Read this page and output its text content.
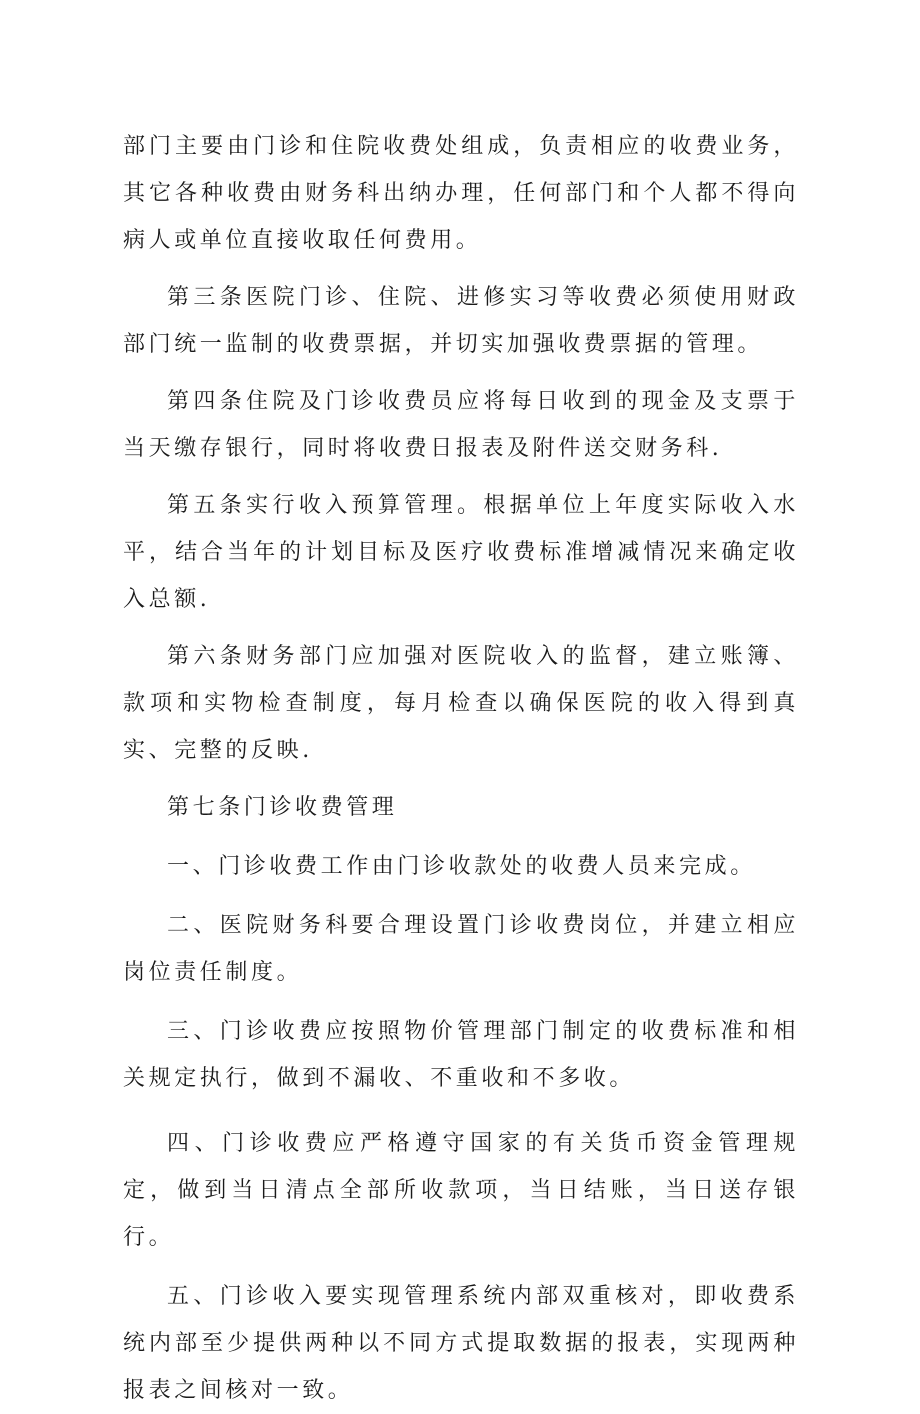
部门主要由门诊和住院收费处组成，负责相应的收费业务，其它各种收费由财务科出纳办理，任何部门和个人都不得向病人或单位直接收取任何费用。

第三条医院门诊、住院、进修实习等收费必须使用财政部门统一监制的收费票据，并切实加强收费票据的管理。

第四条住院及门诊收费员应将每日收到的现金及支票于当天缴存银行，同时将收费日报表及附件送交财务科.

第五条实行收入预算管理。根据单位上年度实际收入水平，结合当年的计划目标及医疗收费标准增减情况来确定收入总额.

第六条财务部门应加强对医院收入的监督，建立账簿、款项和实物检查制度，每月检查以确保医院的收入得到真实、完整的反映.

第七条门诊收费管理

一、门诊收费工作由门诊收款处的收费人员来完成。

二、医院财务科要合理设置门诊收费岗位，并建立相应岗位责任制度。

三、门诊收费应按照物价管理部门制定的收费标准和相关规定执行，做到不漏收、不重收和不多收。

四、门诊收费应严格遵守国家的有关货币资金管理规定，做到当日清点全部所收款项，当日结账，当日送存银行。

五、门诊收入要实现管理系统内部双重核对，即收费系统内部至少提供两种以不同方式提取数据的报表，实现两种报表之间核对一致。
